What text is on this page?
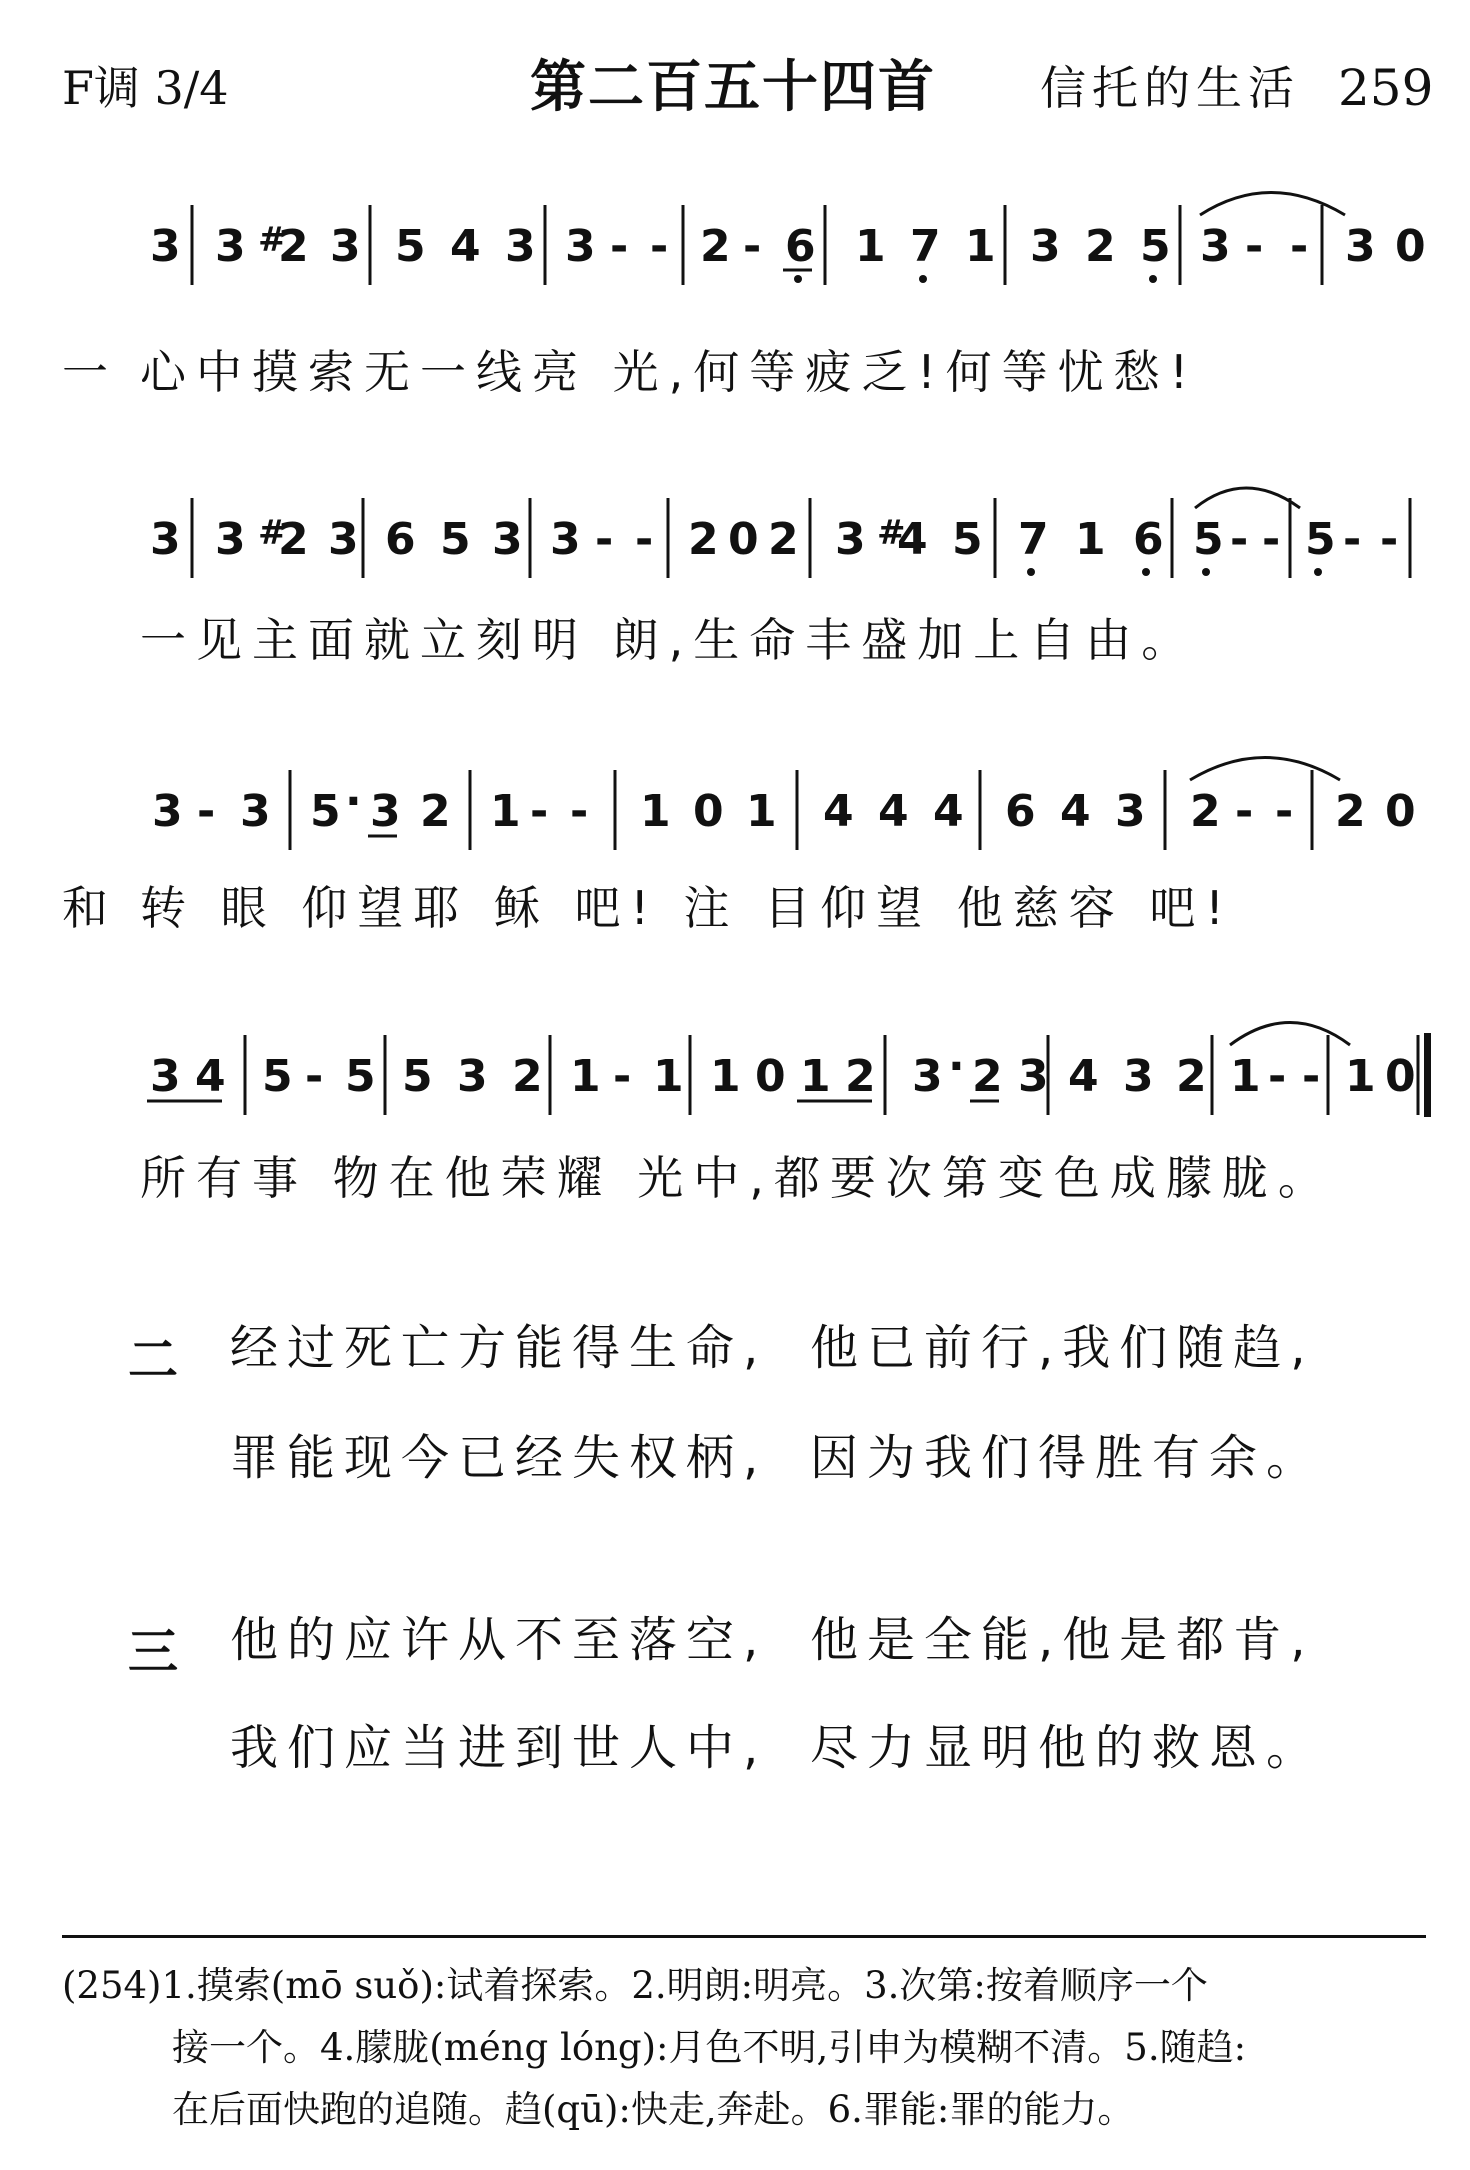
F调 3/4	第二百五十四首 信托的生活 259
3 3 #
2 3 5 4 3 3 - - 2 - 6 1 7 1 3 2 5 3 - - 3 0
一 心中摸索无一线亮 光,何等疲乏!何等忧愁!
3 3 #
2 3 6 5 3 3 - - 2 0 2 3 #
4 5 7 1 6 5 - - 5 - -
一见主面就立刻明 朗,生命丰盛加上自由。
3 - 3 5 · 3 2 1 - - 1 0 1 4 4 4 6 4 3 2 - - 2 0
和 转 眼 仰望耶 稣 吧! 注 目仰望 他慈容 吧!
3 4 5 - 5 5 3 2 1 - 1 1 0 1 2 3 · 2 3 4 3 2 1 - - 1 0
所有事 物在他荣耀 光中,都要次第变色成朦胧。
二 经过死亡方能得生命, 他已前行,我们随趋,
罪能现今已经失权柄, 因为我们得胜有余。
三 他的应许从不至落空, 他是全能,他是都肯,
我们应当进到世人中, 尽力显明他的救恩。
(254)1.摸索(mō suǒ):试着探索。2.明朗:明亮。3.次第:按着顺序一个
接一个。4.朦胧(méng lóng):月色不明,引申为模糊不清。5.随趋:
在后面快跑的追随。趋(qū):快走,奔赴。6.罪能:罪的能力。
